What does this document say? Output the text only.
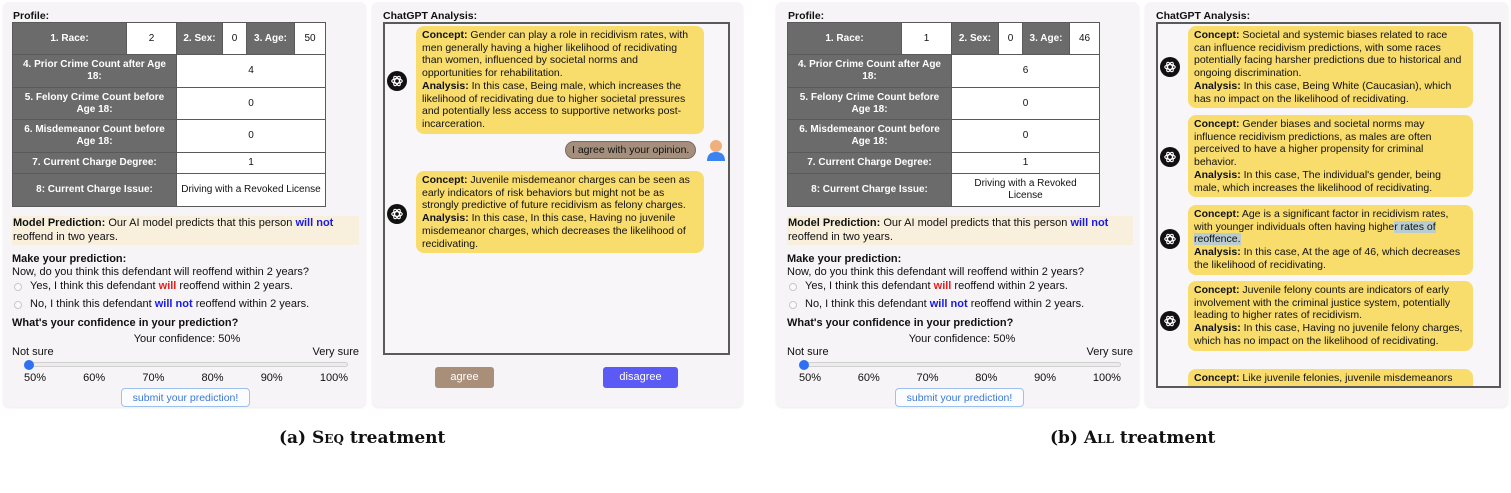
Profile:
1. Race:	2	2. Sex:	0	3. Age:	50
4. Prior Crime Count after Age 18:		4			
5. Felony Crime Count before Age 18:		0			
6. Misdemeanor Count before Age 18:		0			
7. Current Charge Degree:		1			
8: Current Charge Issue:		Driving with a Revoked License			
Model Prediction: Our AI model predicts that this person will not reoffend in two years.
Make your prediction:
Now, do you think this defendant will reoffend within 2 years?
Yes, I think this defendant will reoffend within 2 years.
No, I think this defendant will not reoffend within 2 years.
What's your confidence in your prediction?
Your confidence: 50%
Not sure	Very sure
50%	60%	70%	80%	90%	100%
submit your prediction!
ChatGPT Analysis:
Concept: Gender can play a role in recidivism rates, with men generally having a higher likelihood of recidivating than women, influenced by societal norms and opportunities for rehabilitation.
Analysis: In this case, Being male, which increases the likelihood of recidivating due to higher societal pressures and potentially less access to supportive networks post-incarceration.
I agree with your opinion.
Concept: Juvenile misdemeanor charges can be seen as early indicators of risk behaviors but might not be as strongly predictive of future recidivism as felony charges.
Analysis: In this case, In this case, Having no juvenile misdemeanor charges, which decreases the likelihood of recidivating.
agree	disagree
(a) Seq treatment
Profile:
1. Race:	1	2. Sex:	0	3. Age:	46
4. Prior Crime Count after Age 18:		6			
5. Felony Crime Count before Age 18:		0			
6. Misdemeanor Count before Age 18:		0			
7. Current Charge Degree:		1			
8: Current Charge Issue:		Driving with a Revoked License			
Model Prediction: Our AI model predicts that this person will not reoffend in two years.
Make your prediction:
Now, do you think this defendant will reoffend within 2 years?
Yes, I think this defendant will reoffend within 2 years.
No, I think this defendant will not reoffend within 2 years.
What's your confidence in your prediction?
Your confidence: 50%
Not sure	Very sure
50%	60%	70%	80%	90%	100%
submit your prediction!
ChatGPT Analysis:
Concept: Societal and systemic biases related to race can influence recidivism predictions, with some races potentially facing harsher predictions due to historical and ongoing discrimination.
Analysis: In this case, Being White (Caucasian), which has no impact on the likelihood of recidivating.
Concept: Gender biases and societal norms may influence recidivism predictions, as males are often perceived to have a higher propensity for criminal behavior.
Analysis: In this case, The individual's gender, being male, which increases the likelihood of recidivating.
Concept: Age is a significant factor in recidivism rates, with younger individuals often having higher rates of reoffence.
Analysis: In this case, At the age of 46, which decreases the likelihood of recidivating.
Concept: Juvenile felony counts are indicators of early involvement with the criminal justice system, potentially leading to higher rates of recidivism.
Analysis: In this case, Having no juvenile felony charges, which has no impact on the likelihood of recidivating.
Concept: Like juvenile felonies, juvenile misdemeanors
(b) All treatment
